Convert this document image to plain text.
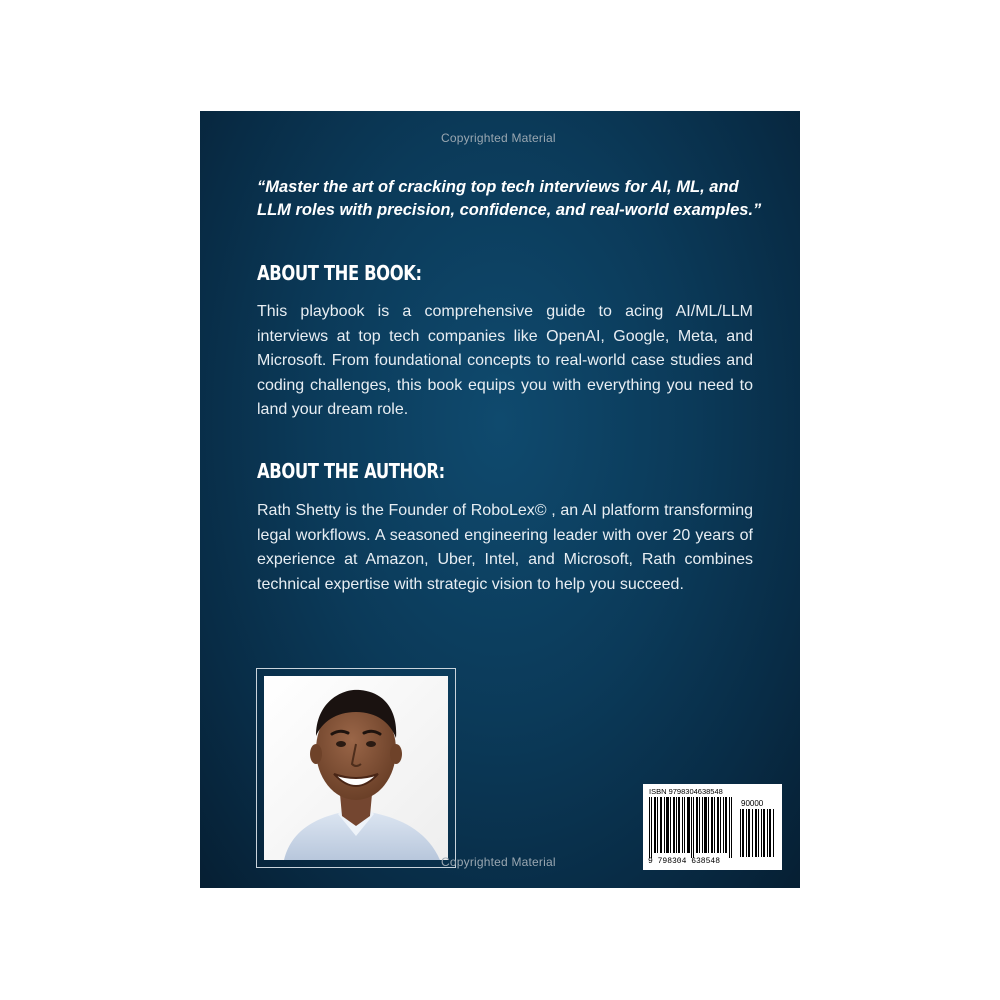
Copyrighted Material
“Master the art of cracking top tech interviews for AI, ML, and LLM roles with precision, confidence, and real-world examples.”
ABOUT THE BOOK:
This playbook is a comprehensive guide to acing AI/ML/LLM interviews at top tech companies like OpenAI, Google, Meta, and Microsoft. From foundational concepts to real-world case studies and coding challenges, this book equips you with everything you need to land your dream role.
ABOUT THE AUTHOR:
Rath Shetty is the Founder of RoboLex© , an AI platform transforming legal workflows. A seasoned engineering leader with over 20 years of experience at Amazon, Uber, Intel, and Microsoft, Rath combines technical expertise with strategic vision to help you succeed.
ISBN 9798304638548
90000
9 798304 638548
Copyrighted Material
